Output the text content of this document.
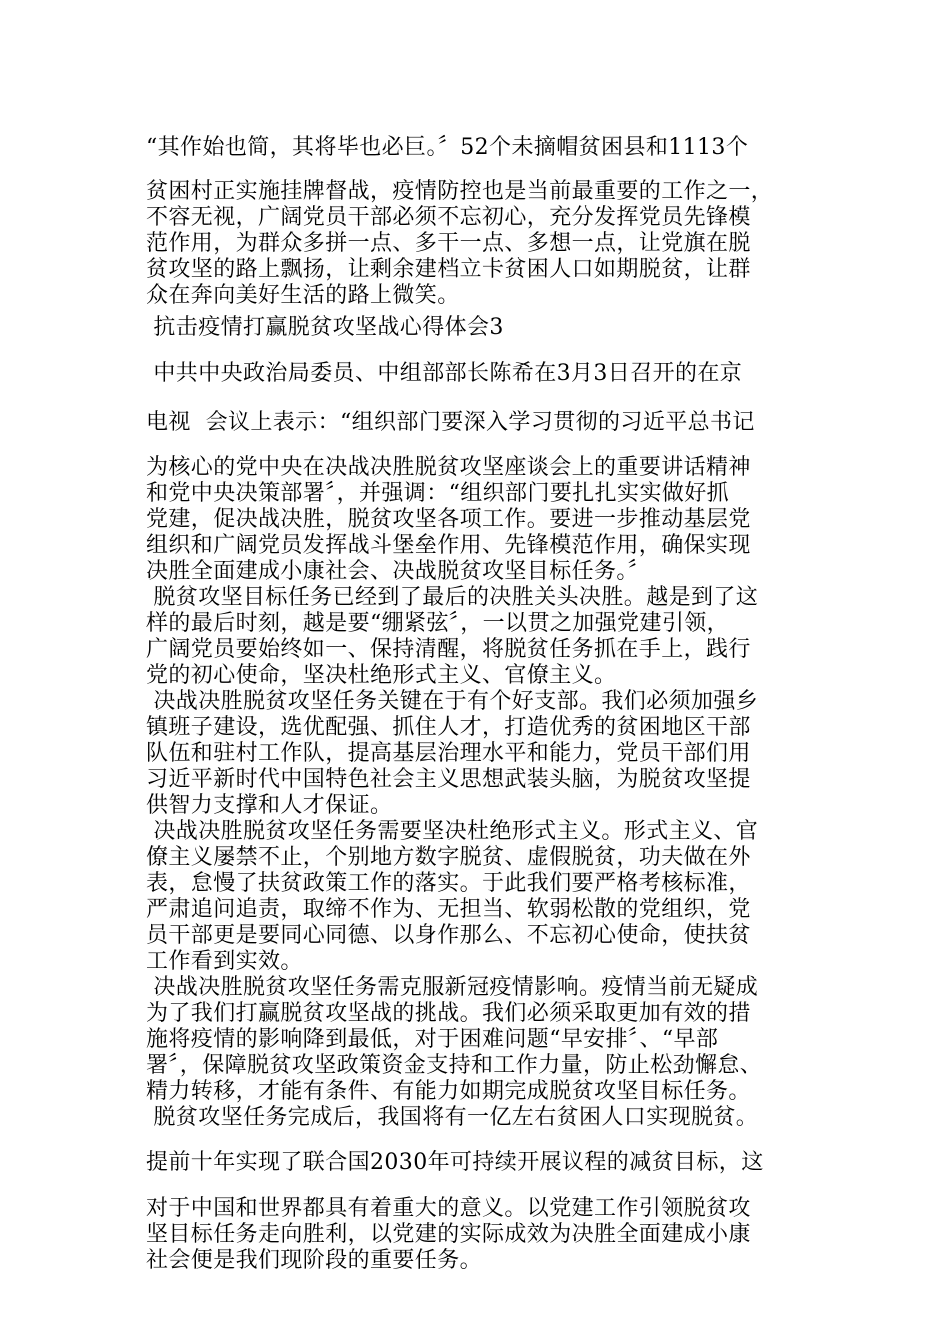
“其作始也简，其将毕也必巨。〞52个未摘帽贫困县和1113个
贫困村正实施挂牌督战，疫情防控也是当前最重要的工作之一，
不容无视，广阔党员干部必须不忘初心，充分发挥党员先锋模
范作用，为群众多拼一点、多干一点、多想一点，让党旗在脱
贫攻坚的路上飘扬，让剩余建档立卡贫困人口如期脱贫，让群
众在奔向美好生活的路上微笑。
抗击疫情打赢脱贫攻坚战心得体会3
中共中央政治局委员、中组部部长陈希在3月3日召开的在京
电视  会议上表示：“组织部门要深入学习贯彻的习近平总书记
为核心的党中央在决战决胜脱贫攻坚座谈会上的重要讲话精神
和党中央决策部署〞，并强调：“组织部门要扎扎实实做好抓
党建，促决战决胜，脱贫攻坚各项工作。要进一步推动基层党
组织和广阔党员发挥战斗堡垒作用、先锋模范作用，确保实现
决胜全面建成小康社会、决战脱贫攻坚目标任务。〞
脱贫攻坚目标任务已经到了最后的决胜关头决胜。越是到了这
样的最后时刻，越是要“绷紧弦〞，一以贯之加强党建引领，
广阔党员要始终如一、保持清醒，将脱贫任务抓在手上，践行
党的初心使命，坚决杜绝形式主义、官僚主义。
决战决胜脱贫攻坚任务关键在于有个好支部。我们必须加强乡
镇班子建设，选优配强、抓住人才，打造优秀的贫困地区干部
队伍和驻村工作队，提高基层治理水平和能力，党员干部们用
习近平新时代中国特色社会主义思想武装头脑，为脱贫攻坚提
供智力支撑和人才保证。
决战决胜脱贫攻坚任务需要坚决杜绝形式主义。形式主义、官
僚主义屡禁不止，个别地方数字脱贫、虚假脱贫，功夫做在外
表，怠慢了扶贫政策工作的落实。于此我们要严格考核标准，
严肃追问追责，取缔不作为、无担当、软弱松散的党组织，党
员干部更是要同心同德、以身作那么、不忘初心使命，使扶贫
工作看到实效。
决战决胜脱贫攻坚任务需克服新冠疫情影响。疫情当前无疑成
为了我们打赢脱贫攻坚战的挑战。我们必须采取更加有效的措
施将疫情的影响降到最低，对于困难问题“早安排〞、“早部
署〞，保障脱贫攻坚政策资金支持和工作力量，防止松劲懈怠、
精力转移，才能有条件、有能力如期完成脱贫攻坚目标任务。
脱贫攻坚任务完成后，我国将有一亿左右贫困人口实现脱贫。
提前十年实现了联合国2030年可持续开展议程的减贫目标，这
对于中国和世界都具有着重大的意义。以党建工作引领脱贫攻
坚目标任务走向胜利，以党建的实际成效为决胜全面建成小康
社会便是我们现阶段的重要任务。
